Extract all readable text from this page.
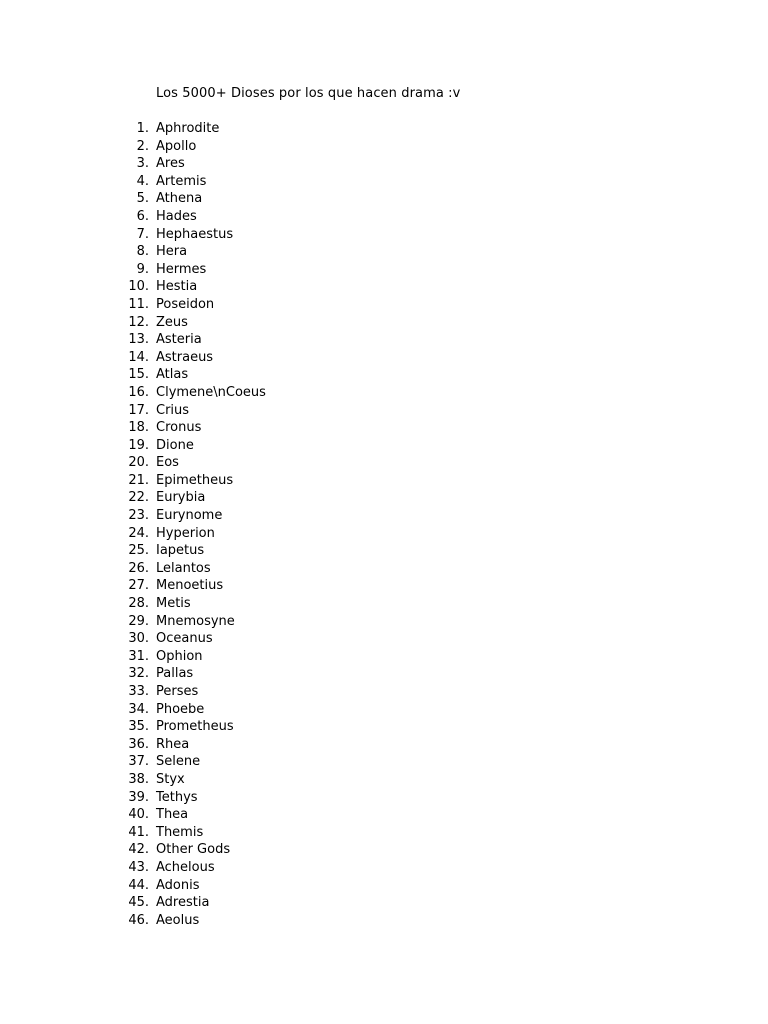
Los 5000+ Dioses por los que hacen drama :v
1. Aphrodite
2. Apollo
3. Ares
4. Artemis
5. Athena
6. Hades
7. Hephaestus
8. Hera
9. Hermes
10. Hestia
11. Poseidon
12. Zeus
13. Asteria
14. Astraeus
15. Atlas
16. Clymene\nCoeus
17. Crius
18. Cronus
19. Dione
20. Eos
21. Epimetheus
22. Eurybia
23. Eurynome
24. Hyperion
25. Iapetus
26. Lelantos
27. Menoetius
28. Metis
29. Mnemosyne
30. Oceanus
31. Ophion
32. Pallas
33. Perses
34. Phoebe
35. Prometheus
36. Rhea
37. Selene
38. Styx
39. Tethys
40. Thea
41. Themis
42. Other Gods
43. Achelous
44. Adonis
45. Adrestia
46. Aeolus
